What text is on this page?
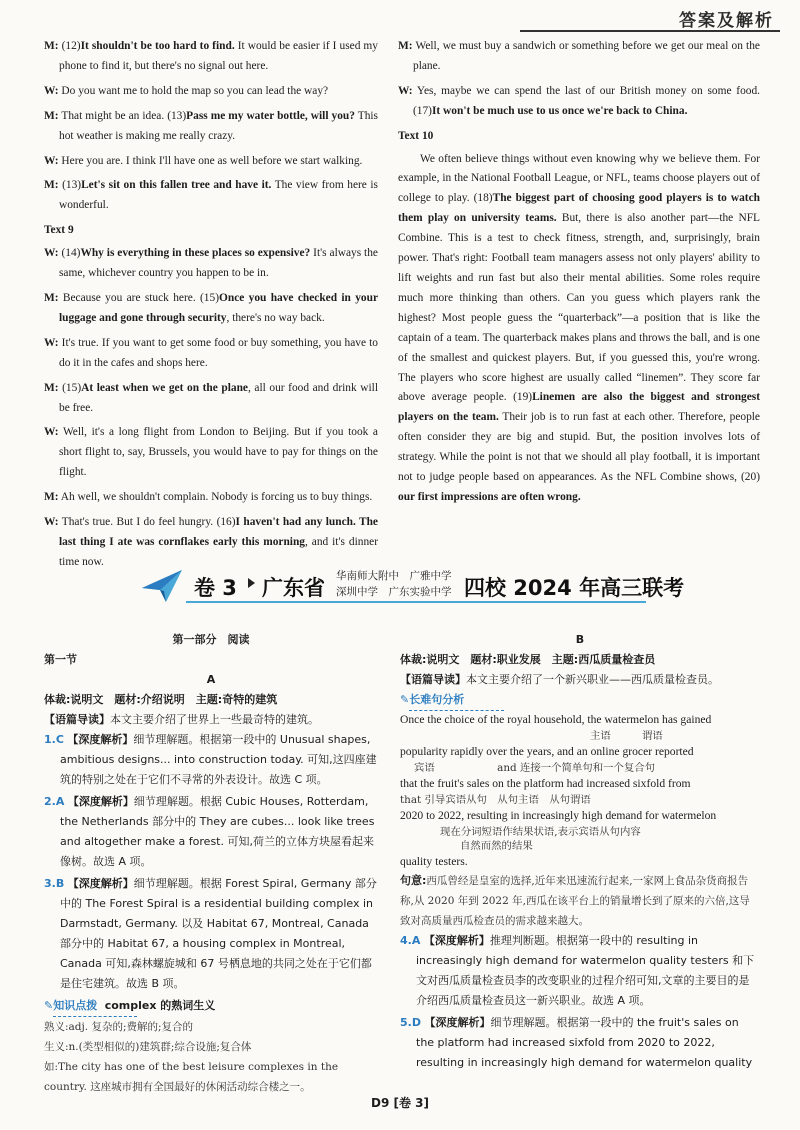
答案及解析

M: (12)It shouldn't be too hard to find. It would be easier if I used my phone to find it, but there's no signal out here.

W: Do you want me to hold the map so you can lead the way?

M: That might be an idea. (13)Pass me my water bottle, will you? This hot weather is making me really crazy.

W: Here you are. I think I'll have one as well before we start walking.

M: (13)Let's sit on this fallen tree and have it. The view from here is wonderful.

Text 9

W: (14)Why is everything in these places so expensive? It's always the same, whichever country you happen to be in.

M: Because you are stuck here. (15)Once you have checked in your luggage and gone through security, there's no way back.

W: It's true. If you want to get some food or buy something, you have to do it in the cafes and shops here.

M: (15)At least when we get on the plane, all our food and drink will be free.

W: Well, it's a long flight from London to Beijing. But if you took a short flight to, say, Brussels, you would have to pay for things on the flight.

M: Ah well, we shouldn't complain. Nobody is forcing us to buy things.

W: That's true. But I do feel hungry. (16)I haven't had any lunch. The last thing I ate was cornflakes early this morning, and it's dinner time now.

M: Well, we must buy a sandwich or something before we get our meal on the plane.

W: Yes, maybe we can spend the last of our British money on some food. (17)It won't be much use to us once we're back to China.

Text 10

We often believe things without even knowing why we believe them. For example, in the National Football League, or NFL, teams choose players out of college to play. (18)The biggest part of choosing good players is to watch them play on university teams. But, there is also another part—the NFL Combine. This is a test to check fitness, strength, and, surprisingly, brain power. That's right: Football team managers assess not only players' ability to lift weights and run fast but also their mental abilities. Some roles require much more thinking than others. Can you guess which players rank the highest? Most people guess the “quarterback”—a position that is like the captain of a team. The quarterback makes plans and throws the ball, and is one of the smallest and quickest players. But, if you guessed this, you're wrong. The players who score highest are usually called “linemen”. They score far above average people. (19)Linemen are also the biggest and strongest players on the team. Their job is to run fast at each other. Therefore, people often consider they are big and stupid. But, the position involves lots of strategy. While the point is not that we should all play football, it is important not to judge people based on appearances. As the NFL Combine shows, (20) our first impressions are often wrong.

卷 3 广东省 华南师大附中　广雅中学
深圳中学　广东实验中学 四校 2024 年高三联考
第一部分　阅读
第一节
A
体裁:说明文　题材:介绍说明　主题:奇特的建筑
【语篇导读】本文主要介绍了世界上一些最奇特的建筑。

1.C 【深度解析】细节理解题。根据第一段中的 Unusual shapes, ambitious designs... into construction today. 可知,这四座建筑的特别之处在于它们不寻常的外表设计。故选 C 项。

2.A 【深度解析】细节理解题。根据 Cubic Houses, Rotterdam, the Netherlands 部分中的 They are cubes... look like trees and altogether make a forest. 可知,荷兰的立体方块屋看起来像树。故选 A 项。

3.B 【深度解析】细节理解题。根据 Forest Spiral, Germany 部分中的 The Forest Spiral is a residential building complex in Darmstadt, Germany. 以及 Habitat 67, Montreal, Canada 部分中的 Habitat 67, a housing complex in Montreal, Canada 可知,森林螺旋城和 67 号栖息地的共同之处在于它们都是住宅建筑。故选 B 项。

✎知识点拨 complex 的熟词生义
熟义:adj. 复杂的;费解的;复合的
生义:n.(类型相似的)建筑群;综合设施;复合体
如:The city has one of the best leisure complexes in the country. 这座城市拥有全国最好的休闲活动综合楼之一。
B
体裁:说明文　题材:职业发展　主题:西瓜质量检查员
【语篇导读】本文主要介绍了一个新兴职业——西瓜质量检查员。
✎长难句分析
Once the choice of the royal household, the watermelon has gained
主语　　　	谓语
popularity rapidly over the years, and an online grocer reported
宾语　　　　　　	and 连接一个简单句和一个复合句
that the fruit's sales on the platform had increased sixfold from
that 引导宾语从句　 从句主语　 从句谓语
2020 to 2022, resulting in increasingly high demand for watermelon
现在分词短语作结果状语,表示宾语从句内容
自然而然的结果
quality testers.
句意:西瓜曾经是皇室的选择,近年来迅速流行起来,一家网上食品杂货商报告称,从 2020 年到 2022 年,西瓜在该平台上的销量增长到了原来的六倍,这导致对高质量西瓜检查员的需求越来越大。

4.A 【深度解析】推理判断题。根据第一段中的 resulting in increasingly high demand for watermelon quality testers 和下文对西瓜质量检查员李的改变职业的过程介绍可知,文章的主要目的是介绍西瓜质量检查员这一新兴职业。故选 A 项。

5.D 【深度解析】细节理解题。根据第一段中的 the fruit's sales on the platform had increased sixfold from 2020 to 2022, resulting in increasingly high demand for watermelon quality

D9 [卷 3]
